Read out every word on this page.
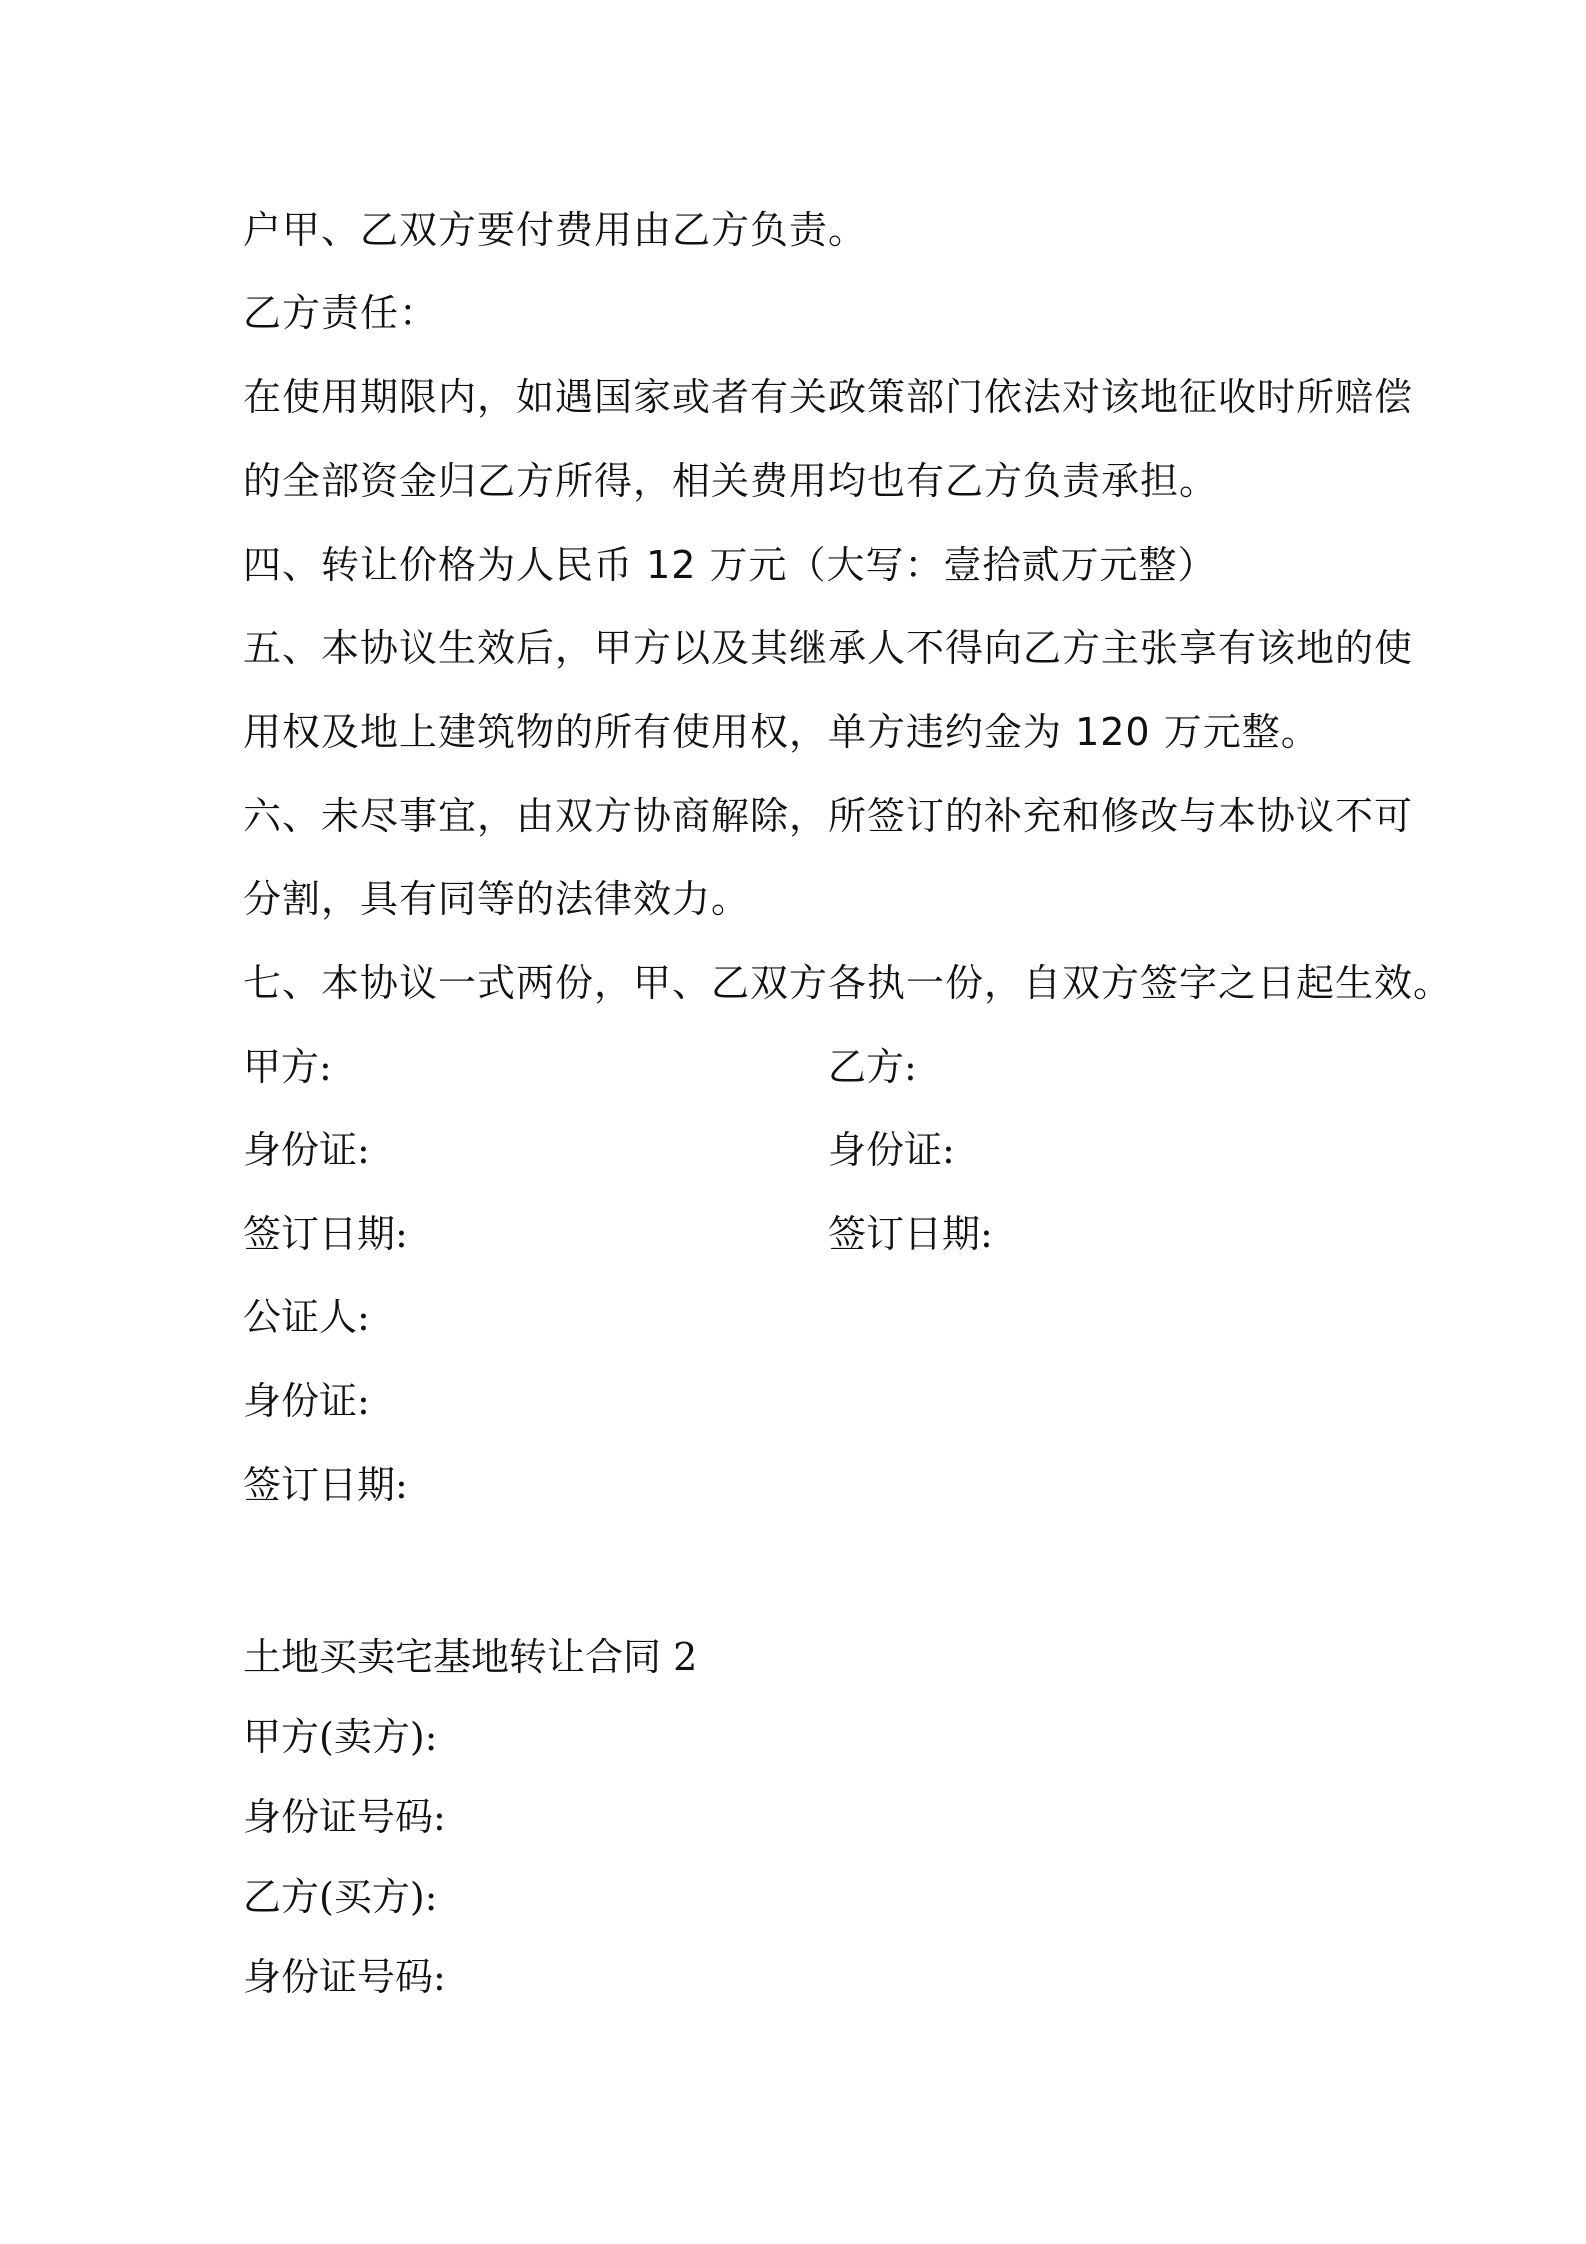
户甲、乙双方要付费用由乙方负责。
乙方责任：
在使用期限内，如遇国家或者有关政策部门依法对该地征收时所赔偿
的全部资金归乙方所得，相关费用均也有乙方负责承担。
四、转让价格为人民币 12 万元（大写：壹拾贰万元整）
五、本协议生效后，甲方以及其继承人不得向乙方主张享有该地的使
用权及地上建筑物的所有使用权，单方违约金为 120 万元整。
六、未尽事宜，由双方协商解除，所签订的补充和修改与本协议不可
分割，具有同等的法律效力。
七、本协议一式两份，甲、乙双方各执一份，自双方签字之日起生效。
甲方:	乙方:
身份证:	身份证:
签订日期:	签订日期:
公证人:
身份证:
签订日期:
土地买卖宅基地转让合同 2
甲方(卖方):
身份证号码:
乙方(买方):
身份证号码:
